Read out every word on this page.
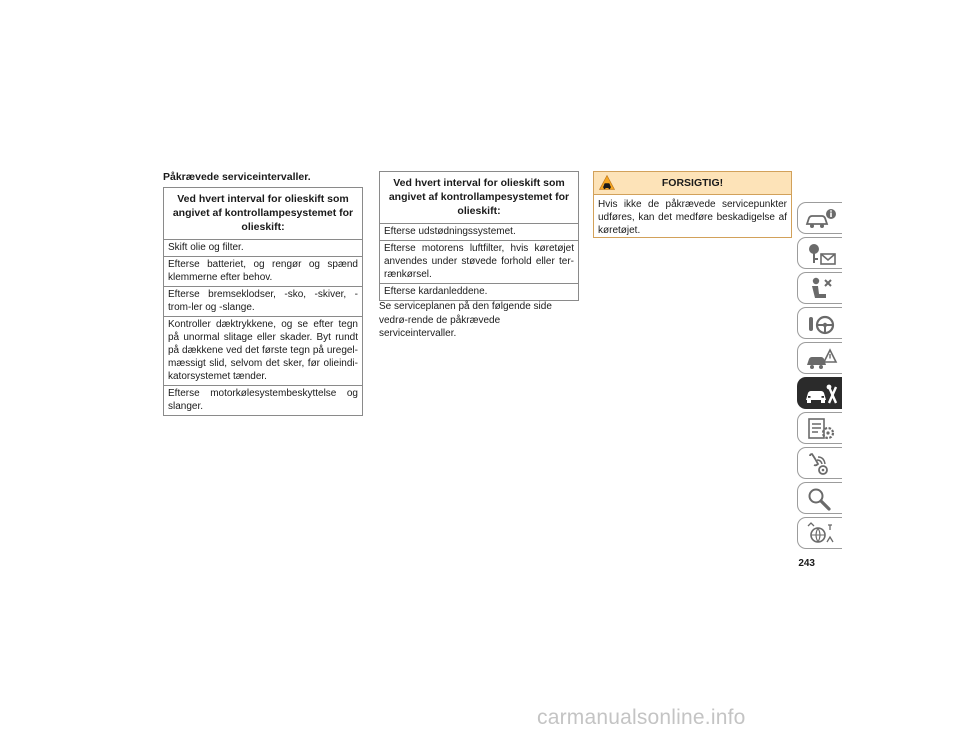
Påkrævede serviceintervaller.
Ved hvert interval for olieskift som angivet af kontrollampesystemet for olieskift:
Skift olie og filter.
Efterse batteriet, og rengør og spænd klemmerne efter behov.
Efterse bremseklodser, -sko, -skiver, -trom-ler og -slange.
Kontroller dæktrykkene, og se efter tegn på unormal slitage eller skader. Byt rundt på dækkene ved det første tegn på uregel-mæssigt slid, selvom det sker, før olieindi-katorsystemet tænder.
Efterse motorkølesystembeskyttelse og slanger.
Ved hvert interval for olieskift som angivet af kontrollampesystemet for olieskift:
Efterse udstødningssystemet.
Efterse motorens luftfilter, hvis køretøjet anvendes under støvede forhold eller ter-rænkørsel.
Efterse kardanleddene.
Se serviceplanen på den følgende side vedrø-rende de påkrævede serviceintervaller.
FORSIGTIG!
Hvis ikke de påkrævede servicepunkter udføres, kan det medføre beskadigelse af køretøjet.
243
carmanualsonline.info
